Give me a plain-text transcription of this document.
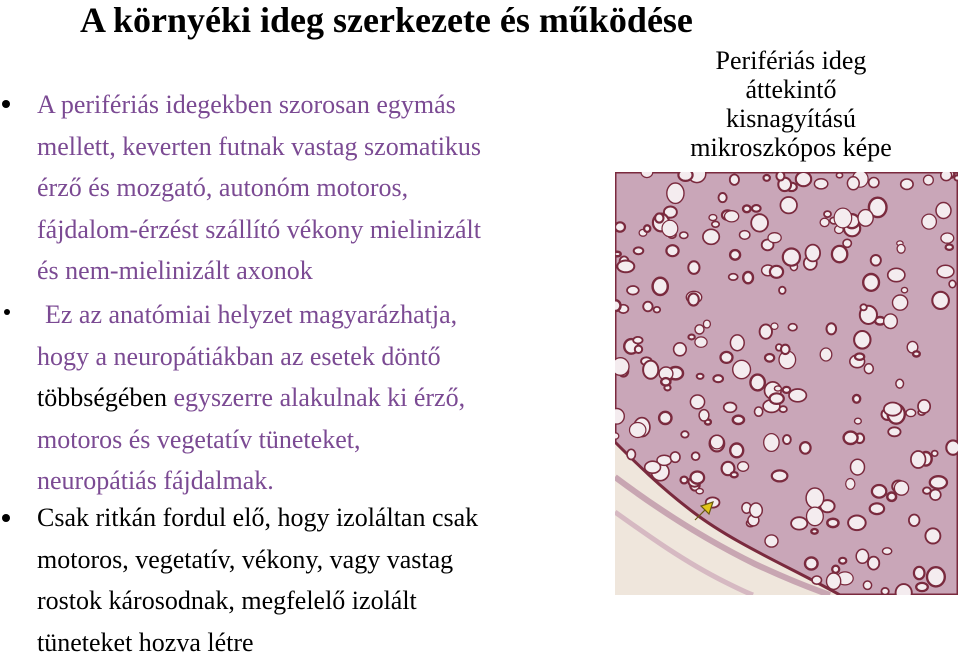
A környéki ideg szerkezete és működése
A perifériás idegekben szorosan egymás
mellett, keverten futnak vastag szomatikus
érző és mozgató, autonóm motoros,
fájdalom-érzést szállító vékony mielinizált
és nem-mielinizált axonok
Ez az anatómiai helyzet magyarázhatja,
hogy a neuropátiákban az esetek döntő
többségében egyszerre alakulnak ki érző,
motoros és vegetatív tüneteket,
neuropátiás fájdalmak.
Csak ritkán fordul elő, hogy izoláltan csak
motoros, vegetatív, vékony, vagy vastag
rostok károsodnak, megfelelő izolált
tüneteket hozva létre
Perifériás ideg
áttekintő
kisnagyítású
mikroszkópos képe
